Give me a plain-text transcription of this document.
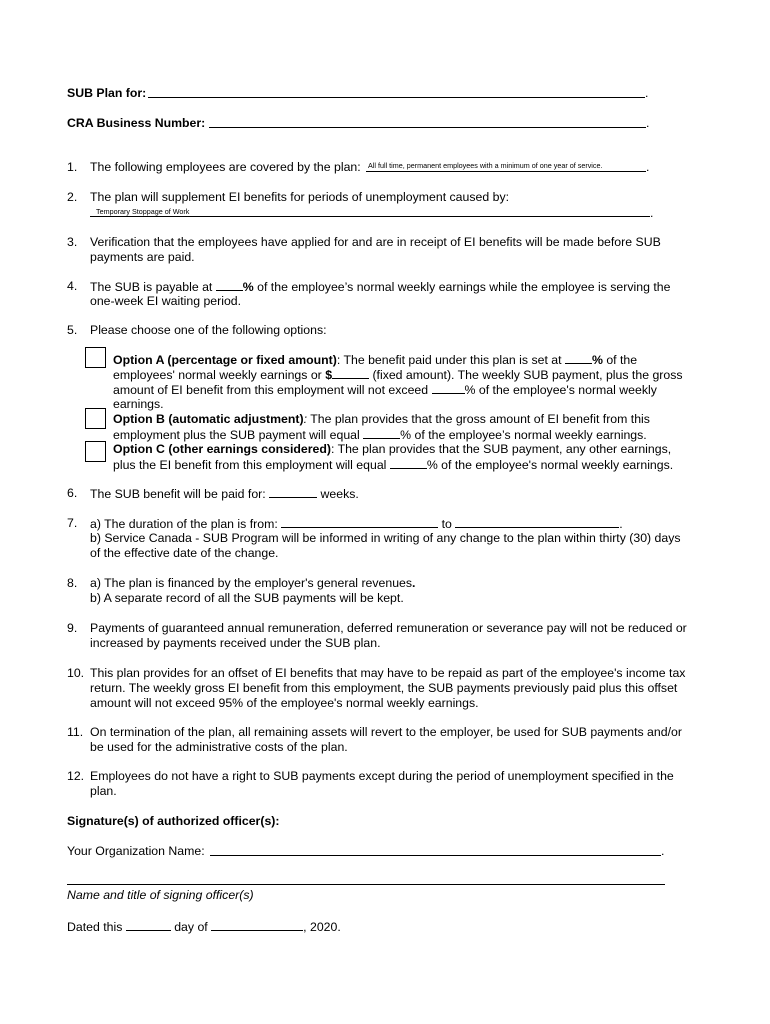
SUB Plan for:	.
CRA Business Number:	.
1. The following employees are covered by the plan: All full time, permanent employees with a minimum of one year of service.	.
2. The plan will supplement EI benefits for periods of unemployment caused by:
Temporary Stoppage of Work	.
3. Verification that the employees have applied for and are in receipt of EI benefits will be made before SUB
payments are paid.
4. The SUB is payable at % of the employee’s normal weekly earnings while the employee is serving the
one-week EI waiting period.
5. Please choose one of the following options:
Option A (percentage or fixed amount): The benefit paid under this plan is set at % of the
employees' normal weekly earnings or $	(fixed amount). The weekly SUB payment, plus the gross
amount of EI benefit from this employment will not exceed	% of the employee's normal weekly
earnings.
Option B (automatic adjustment): The plan provides that the gross amount of EI benefit from this
employment plus the SUB payment will equal	% of the employee’s normal weekly earnings.
Option C (other earnings considered): The plan provides that the SUB payment, any other earnings,
plus the EI benefit from this employment will equal	% of the employee's normal weekly earnings.
6. The SUB benefit will be paid for:	weeks.
7. a) The duration of the plan is from:	to	.
b) Service Canada - SUB Program will be informed in writing of any change to the plan within thirty (30) days
of the effective date of the change.
8. a) The plan is financed by the employer's general revenues.
b) A separate record of all the SUB payments will be kept.
9. Payments of guaranteed annual remuneration, deferred remuneration or severance pay will not be reduced or
increased by payments received under the SUB plan.
10. This plan provides for an offset of EI benefits that may have to be repaid as part of the employee's income tax
return. The weekly gross EI benefit from this employment, the SUB payments previously paid plus this offset
amount will not exceed 95% of the employee's normal weekly earnings.
11. On termination of the plan, all remaining assets will revert to the employer, be used for SUB payments and/or
be used for the administrative costs of the plan.
12. Employees do not have a right to SUB payments except during the period of unemployment specified in the
plan.
Signature(s) of authorized officer(s):
Your Organization Name:	.
Name and title of signing officer(s)
Dated this	day of	, 2020.
